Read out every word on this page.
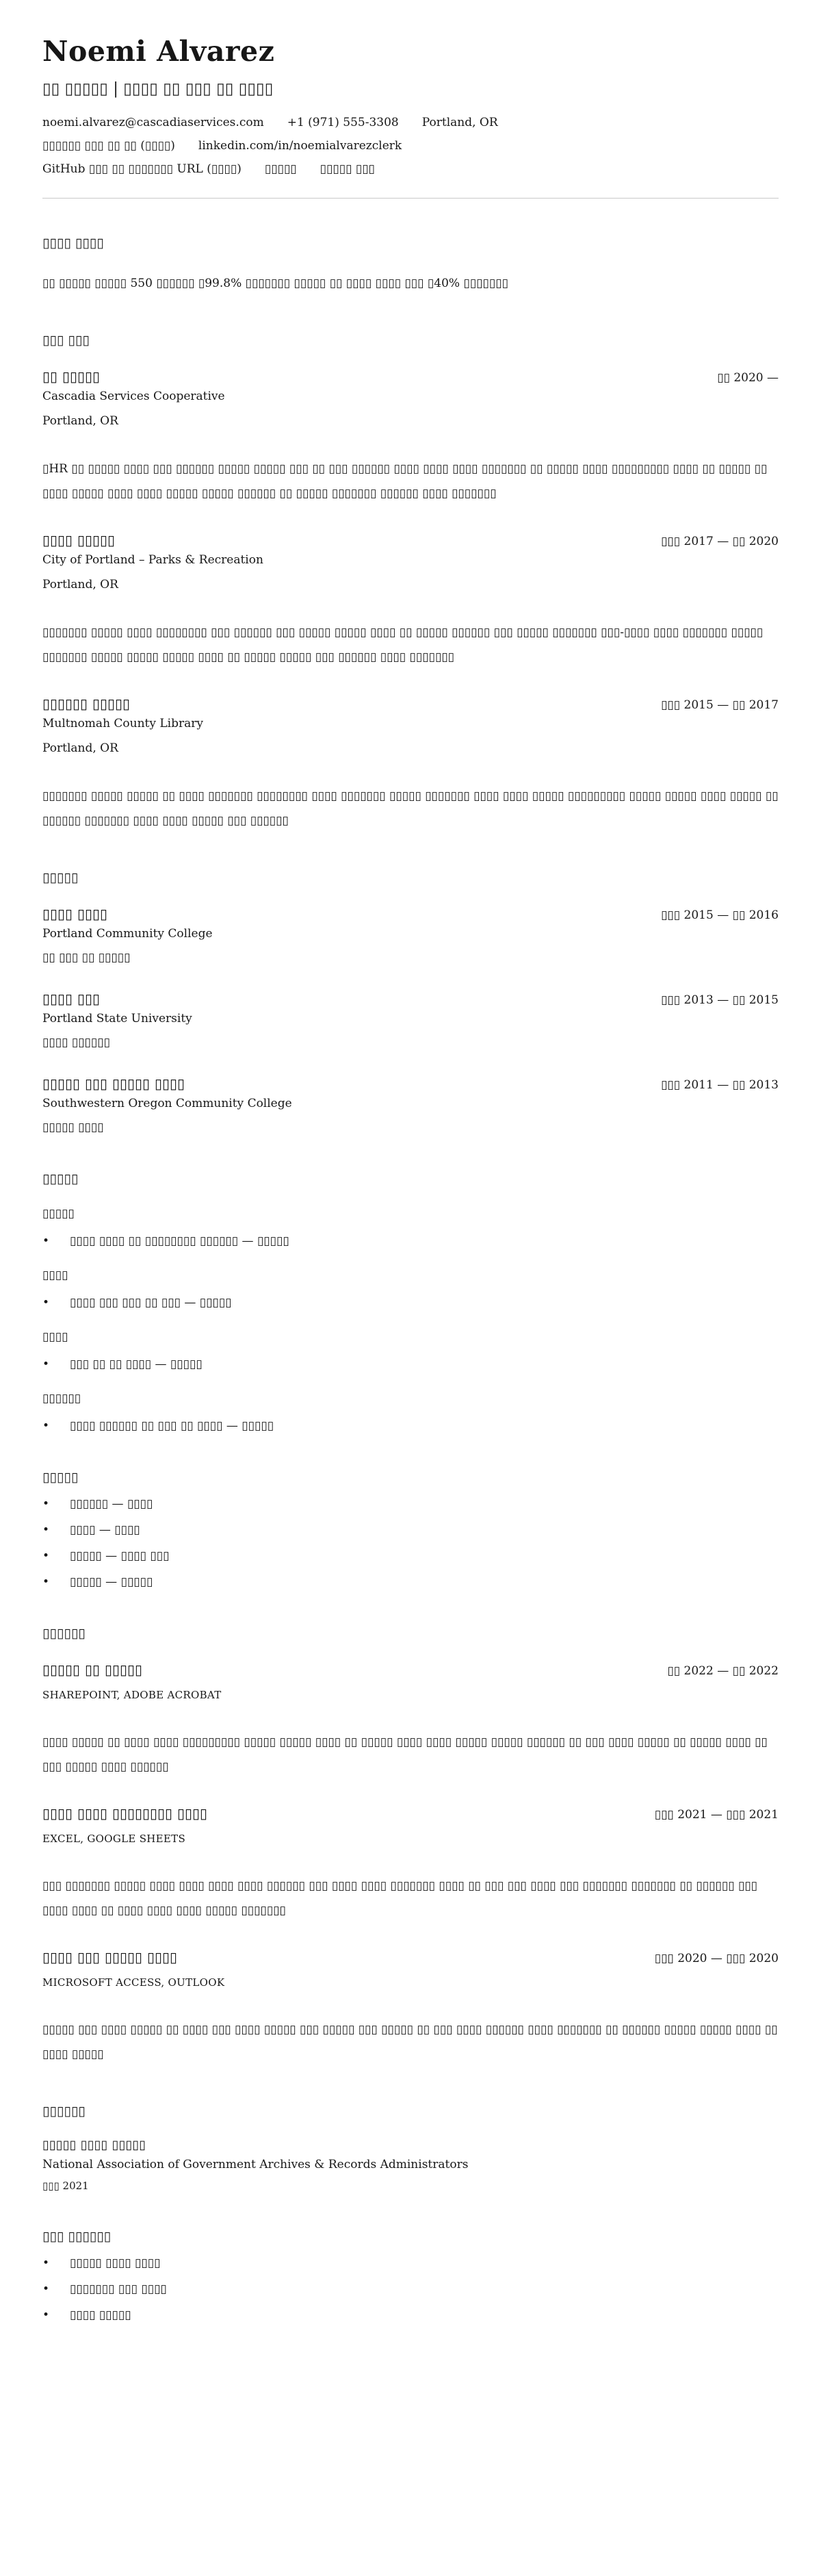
Noemi Alvarez
▯▯ ▯▯▯▯▯ | ▯▯▯▯ ▯▯ ▯▯▯ ▯▯ ▯▯▯▯
noemi.alvarez@cascadiaservices.com +1 (971) 555-3308 Portland, OR
▯▯▯▯▯▯ ▯▯▯ ▯▯ ▯▯ (▯▯▯▯) linkedin.com/in/noemialvarezclerk
GitHub ▯▯▯ ▯▯ ▯▯▯▯▯▯▯ URL (▯▯▯▯) ▯▯▯▯▯ ▯▯▯▯▯ ▯▯▯
▯▯▯▯ ▯▯▯▯
▯▯ ▯▯▯▯▯ ▯▯▯▯▯ 550 ▯▯▯▯▯▯ ▯99.8% ▯▯▯▯▯▯▯ ▯▯▯▯▯ ▯▯ ▯▯▯▯ ▯▯▯▯ ▯▯▯ ▯40% ▯▯▯▯▯▯▯
▯▯▯ ▯▯▯
▯▯ ▯▯▯▯▯	▯▯ 2020 —
Cascadia Services Cooperative
Portland, OR
▯HR ▯▯ ▯▯▯▯▯ ▯▯▯▯ ▯▯▯ ▯▯▯▯▯▯ ▯▯▯▯▯ ▯▯▯▯▯ ▯▯▯ ▯▯ ▯▯▯ ▯▯▯▯▯▯ ▯▯▯▯ ▯▯▯▯ ▯▯▯▯ ▯▯▯▯▯▯▯ ▯▯ ▯▯▯▯▯ ▯▯▯▯ ▯▯▯▯▯▯▯▯▯ ▯▯▯▯ ▯▯ ▯▯▯▯▯ ▯▯ ▯▯▯▯ ▯▯▯▯▯ ▯▯▯▯ ▯▯▯▯ ▯▯▯▯▯ ▯▯▯▯▯ ▯▯▯▯▯▯ ▯▯ ▯▯▯▯▯ ▯▯▯▯▯▯▯ ▯▯▯▯▯▯ ▯▯▯▯ ▯▯▯▯▯▯▯
▯▯▯▯ ▯▯▯▯▯	▯▯▯ 2017 — ▯▯ 2020
City of Portland – Parks & Recreation
Portland, OR
▯▯▯▯▯▯▯ ▯▯▯▯▯ ▯▯▯▯ ▯▯▯▯▯▯▯▯ ▯▯▯ ▯▯▯▯▯▯ ▯▯▯ ▯▯▯▯▯ ▯▯▯▯▯ ▯▯▯▯ ▯▯ ▯▯▯▯▯ ▯▯▯▯▯▯ ▯▯▯ ▯▯▯▯▯ ▯▯▯▯▯▯▯ ▯▯▯-▯▯▯▯ ▯▯▯▯ ▯▯▯▯▯▯▯ ▯▯▯▯▯ ▯▯▯▯▯▯▯ ▯▯▯▯▯ ▯▯▯▯▯ ▯▯▯▯▯ ▯▯▯▯ ▯▯ ▯▯▯▯▯ ▯▯▯▯▯ ▯▯▯ ▯▯▯▯▯▯ ▯▯▯▯ ▯▯▯▯▯▯▯
▯▯▯▯▯▯ ▯▯▯▯▯	▯▯▯ 2015 — ▯▯ 2017
Multnomah County Library
Portland, OR
▯▯▯▯▯▯▯ ▯▯▯▯▯ ▯▯▯▯▯ ▯▯ ▯▯▯▯ ▯▯▯▯▯▯▯ ▯▯▯▯▯▯▯▯ ▯▯▯▯ ▯▯▯▯▯▯▯ ▯▯▯▯▯ ▯▯▯▯▯▯▯ ▯▯▯▯ ▯▯▯▯ ▯▯▯▯▯ ▯▯▯▯▯▯▯▯▯ ▯▯▯▯▯ ▯▯▯▯▯ ▯▯▯▯ ▯▯▯▯▯ ▯▯ ▯▯▯▯▯▯ ▯▯▯▯▯▯▯ ▯▯▯▯ ▯▯▯▯ ▯▯▯▯▯ ▯▯▯ ▯▯▯▯▯▯
▯▯▯▯▯
▯▯▯▯ ▯▯▯▯	▯▯▯ 2015 — ▯▯ 2016
Portland Community College
▯▯ ▯▯▯ ▯▯ ▯▯▯▯▯
▯▯▯▯ ▯▯▯	▯▯▯ 2013 — ▯▯ 2015
Portland State University
▯▯▯▯ ▯▯▯▯▯▯
▯▯▯▯▯ ▯▯▯ ▯▯▯▯▯ ▯▯▯▯	▯▯▯ 2011 — ▯▯ 2013
Southwestern Oregon Community College
▯▯▯▯▯ ▯▯▯▯
▯▯▯▯▯
▯▯▯▯▯
• ▯▯▯▯ ▯▯▯▯ ▯▯ ▯▯▯▯▯▯▯▯ ▯▯▯▯▯▯ — ▯▯▯▯▯
▯▯▯▯
• ▯▯▯▯ ▯▯▯ ▯▯▯ ▯▯ ▯▯▯ — ▯▯▯▯▯
▯▯▯▯
• ▯▯▯ ▯▯ ▯▯ ▯▯▯▯ — ▯▯▯▯▯
▯▯▯▯▯▯
• ▯▯▯▯ ▯▯▯▯▯▯ ▯▯ ▯▯▯ ▯▯ ▯▯▯▯ — ▯▯▯▯▯
▯▯▯▯▯
• ▯▯▯▯▯▯ — ▯▯▯▯
• ▯▯▯▯ — ▯▯▯▯
• ▯▯▯▯▯ — ▯▯▯▯ ▯▯▯
• ▯▯▯▯▯ — ▯▯▯▯▯
▯▯▯▯▯▯
▯▯▯▯▯ ▯▯ ▯▯▯▯▯	▯▯ 2022 — ▯▯ 2022
SHAREPOINT, ADOBE ACROBAT
▯▯▯▯ ▯▯▯▯▯ ▯▯ ▯▯▯▯ ▯▯▯▯ ▯▯▯▯▯▯▯▯▯ ▯▯▯▯▯ ▯▯▯▯▯ ▯▯▯▯ ▯▯ ▯▯▯▯▯ ▯▯▯▯ ▯▯▯▯ ▯▯▯▯▯ ▯▯▯▯▯ ▯▯▯▯▯▯ ▯▯ ▯▯▯ ▯▯▯▯ ▯▯▯▯▯ ▯▯ ▯▯▯▯▯ ▯▯▯▯ ▯▯ ▯▯▯ ▯▯▯▯▯ ▯▯▯▯ ▯▯▯▯▯▯
▯▯▯▯ ▯▯▯▯ ▯▯▯▯▯▯▯▯ ▯▯▯▯	▯▯▯ 2021 — ▯▯▯ 2021
EXCEL, GOOGLE SHEETS
▯▯▯ ▯▯▯▯▯▯▯ ▯▯▯▯▯ ▯▯▯▯ ▯▯▯▯ ▯▯▯▯ ▯▯▯▯ ▯▯▯▯▯▯ ▯▯▯ ▯▯▯▯ ▯▯▯▯ ▯▯▯▯▯▯▯ ▯▯▯▯ ▯▯ ▯▯▯ ▯▯▯ ▯▯▯▯ ▯▯▯ ▯▯▯▯▯▯▯ ▯▯▯▯▯▯▯ ▯▯ ▯▯▯▯▯▯ ▯▯▯ ▯▯▯▯ ▯▯▯▯ ▯▯ ▯▯▯▯ ▯▯▯▯ ▯▯▯▯ ▯▯▯▯▯ ▯▯▯▯▯▯▯
▯▯▯▯ ▯▯▯ ▯▯▯▯▯ ▯▯▯▯	▯▯▯ 2020 — ▯▯▯ 2020
MICROSOFT ACCESS, OUTLOOK
▯▯▯▯▯ ▯▯▯ ▯▯▯▯ ▯▯▯▯▯ ▯▯ ▯▯▯▯ ▯▯▯ ▯▯▯▯ ▯▯▯▯▯ ▯▯▯ ▯▯▯▯▯ ▯▯▯ ▯▯▯▯▯ ▯▯ ▯▯▯ ▯▯▯▯ ▯▯▯▯▯▯ ▯▯▯▯ ▯▯▯▯▯▯▯ ▯▯ ▯▯▯▯▯▯ ▯▯▯▯▯ ▯▯▯▯▯ ▯▯▯▯ ▯▯ ▯▯▯▯ ▯▯▯▯▯
▯▯▯▯▯▯
▯▯▯▯▯ ▯▯▯▯ ▯▯▯▯▯
National Association of Government Archives & Records Administrators
▯▯▯ 2021
▯▯▯ ▯▯▯▯▯▯
• ▯▯▯▯▯ ▯▯▯▯ ▯▯▯▯
• ▯▯▯▯▯▯▯ ▯▯▯ ▯▯▯▯
• ▯▯▯▯ ▯▯▯▯▯
